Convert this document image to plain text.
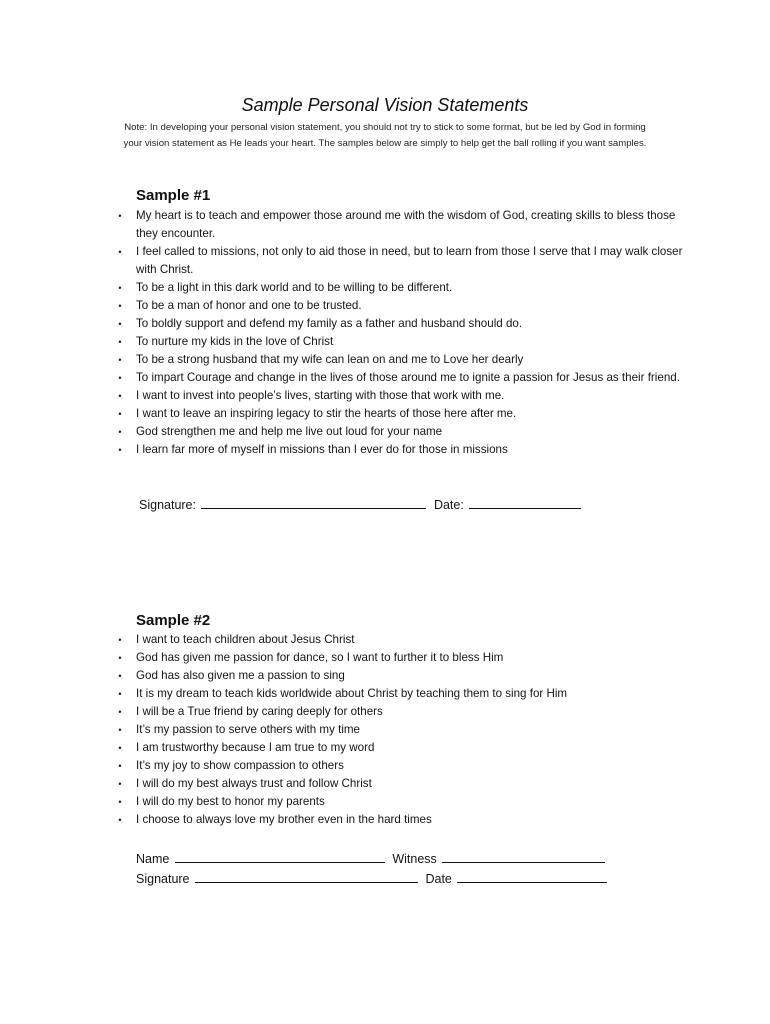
Sample Personal Vision Statements
Note: In developing your personal vision statement, you should not try to stick to some format, but be led by God in forming
your vision statement as He leads your heart. The samples below are simply to help get the ball rolling if you want samples.
Sample #1
•	My heart is to teach and empower those around me with the wisdom of God, creating skills to bless those they encounter.
•	I feel called to missions, not only to aid those in need, but to learn from those I serve that I may walk closer with Christ.
•	To be a light in this dark world and to be willing to be different.
•	To be a man of honor and one to be trusted.
•	To boldly support and defend my family as a father and husband should do.
•	To nurture my kids in the love of Christ
•	To be a strong husband that my wife can lean on and me to Love her dearly
•	To impart Courage and change in the lives of those around me to ignite a passion for Jesus as their friend.
•	I want to invest into people’s lives, starting with those that work with me.
•	I want to leave an inspiring legacy to stir the hearts of those here after me.
•	God strengthen me and help me live out loud for your name
•	I learn far more of myself in missions than I ever do for those in missions
Signature:	Date:
Sample #2
•	I want to teach children about Jesus Christ
•	God has given me passion for dance, so I want to further it to bless Him
•	God has also given me a passion to sing
•	It is my dream to teach kids worldwide about Christ by teaching them to sing for Him
•	I will be a True friend by caring deeply for others
•	It’s my passion to serve others with my time
•	I am trustworthy because I am true to my word
•	It’s my joy to show compassion to others
•	I will do my best always trust and follow Christ
•	I will do my best to honor my parents
•	I choose to always love my brother even in the hard times
Name	Witness
Signature	Date
